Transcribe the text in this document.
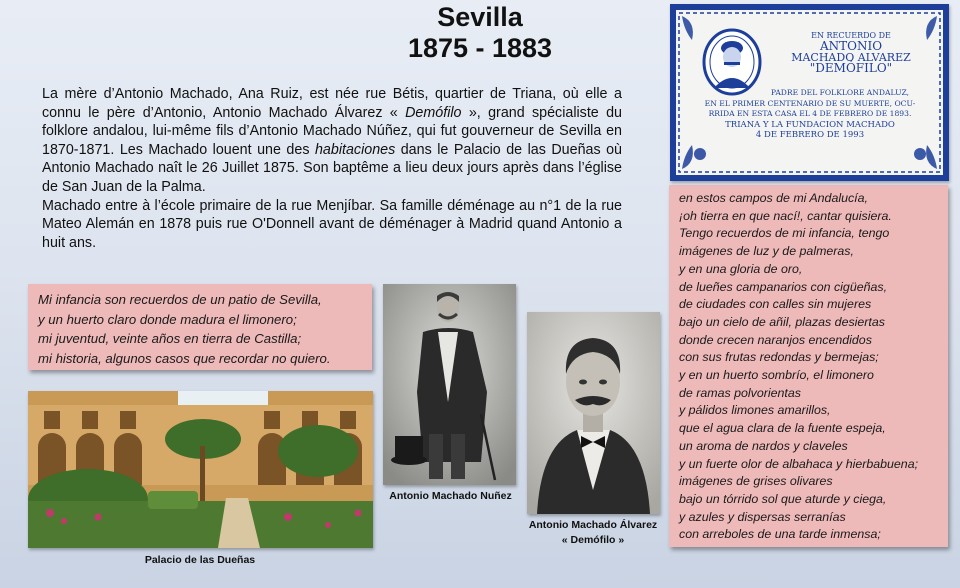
Sevilla
1875 - 1883

La mère d’Antonio Machado, Ana Ruiz, est née rue Bétis, quartier de Triana, où elle a connu le père d’Antonio, Antonio Machado Álvarez « Demófilo », grand spécialiste du folklore andalou, lui-même fils d’Antonio Machado Núñez, qui fut gouverneur de Sevilla en 1870-1871. Les Machado louent une des habitaciones dans le Palacio de las Dueñas où Antonio Machado naît le 26 Juillet 1875. Son baptême a lieu deux jours après dans l’église de San Juan de la Palma.

Machado entre à l’école primaire de la rue Menjíbar. Sa famille déménage au n°1 de la rue Mateo Alemán en 1878 puis rue O'Donnell avant de déménager à Madrid quand Antonio a huit ans.

Mi infancia son recuerdos de un patio de Sevilla,
y un huerto claro donde madura el limonero;
mi juventud, veinte años en tierra de Castilla;
mi historia, algunos casos que recordar no quiero.
en estos campos de mi Andalucía,
¡oh tierra en que nací!, cantar quisiera.
Tengo recuerdos de mi infancia, tengo
imágenes de luz y de palmeras,
y en una gloria de oro,
de lueñes campanarios con cigüeñas,
de ciudades con calles sin mujeres
bajo un cielo de añil, plazas desiertas
donde crecen naranjos encendidos
con sus frutas redondas y bermejas;
y en un huerto sombrío, el limonero
de ramas polvorientas
y pálidos limones amarillos,
que el agua clara de la fuente espeja,
un aroma de nardos y claveles
y un fuerte olor de albahaca y hierbabuena;
imágenes de grises olivares
bajo un tórrido sol que aturde y ciega,
y azules y dispersas serranías
con arreboles de una tarde inmensa;
EN RECUERDO DE
ANTONIO
MACHADO ALVAREZ
"DEMÓFILO"
PADRE DEL FOLKLORE ANDALUZ,
EN EL PRIMER CENTENARIO DE SU MUERTE, OCU-
RRIDA EN ESTA CASA EL 4 DE FEBRERO DE 1893.
TRIANA Y LA FUNDACION MACHADO
4 DE FEBRERO DE 1993
Palacio de las Dueñas
Antonio Machado Nuñez
Antonio Machado Álvarez
« Demófilo »
